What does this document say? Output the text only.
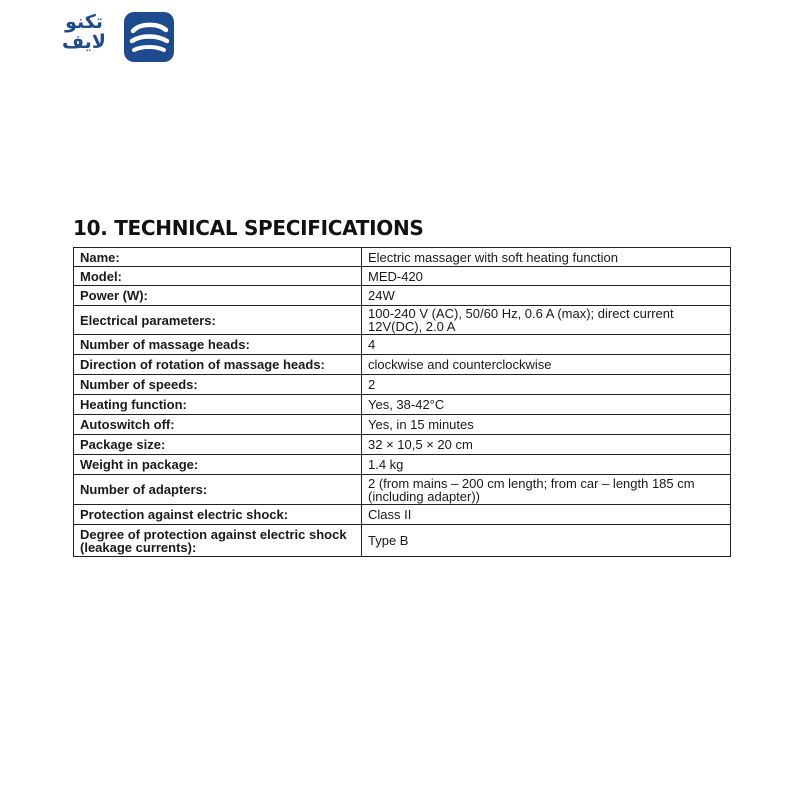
تکنو
لایف
10. TECHNICAL SPECIFICATIONS
Name:	Electric massager with soft heating function
Model:	MED-420
Power (W):	24W
Electrical parameters:	100-240 V (AC), 50/60 Hz, 0.6 A (max); direct current 12V(DC), 2.0 A
Number of massage heads:	4
Direction of rotation of massage heads:	clockwise and counterclockwise
Number of speeds:	2
Heating function:	Yes, 38-42°C
Autoswitch off:	Yes, in 15 minutes
Package size:	32 × 10,5 × 20 cm
Weight in package:	1.4 kg
Number of adapters:	2 (from mains – 200 cm length; from car – length 185 cm (including adapter))
Protection against electric shock:	Class II
Degree of protection against electric shock (leakage currents):	Type B
